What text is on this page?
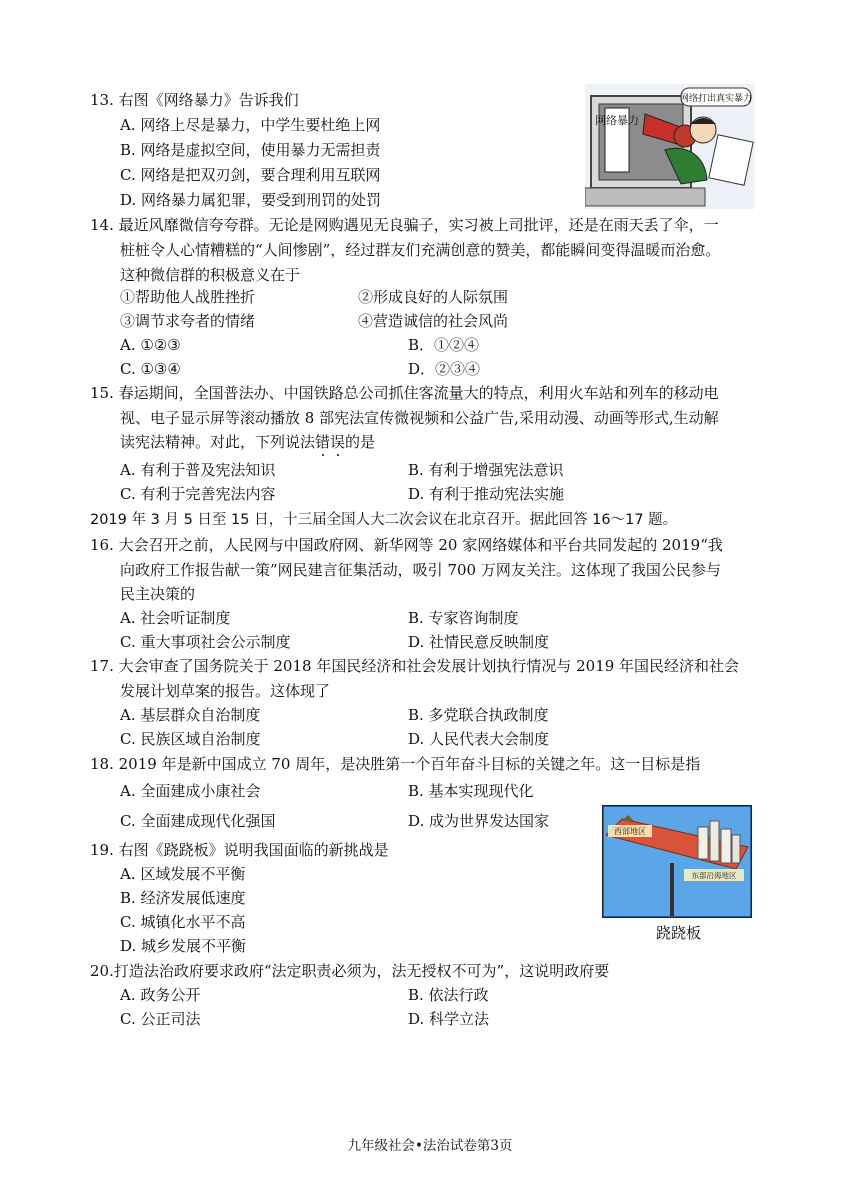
13. 右图《网络暴力》告诉我们
A. 网络上尽是暴力，中学生要杜绝上网
B. 网络是虚拟空间，使用暴力无需担责
C. 网络是把双刃剑，要合理利用互联网
D. 网络暴力属犯罪，要受到刑罚的处罚
网络暴力
网络打出真实暴力
14. 最近风靡微信夸夸群。无论是网购遇见无良骗子，实习被上司批评，还是在雨天丢了伞，一
桩桩令人心情糟糕的“人间惨剧”，经过群友们充满创意的赞美，都能瞬间变得温暖而治愈。
这种微信群的积极意义在于
①帮助他人战胜挫折	②形成良好的人际氛围
③调节求夸者的情绪	④营造诚信的社会风尚
A. ①②③	B．①②④
C. ①③④	D．②③④
15. 春运期间，全国普法办、中国铁路总公司抓住客流量大的特点，利用火车站和列车的移动电
视、电子显示屏等滚动播放 8 部宪法宣传微视频和公益广告,采用动漫、动画等形式,生动解
读宪法精神。对此，下列说法错误的是
A. 有利于普及宪法知识	B. 有利于增强宪法意识
C. 有利于完善宪法内容	D. 有利于推动宪法实施
2019 年 3 月 5 日至 15 日，十三届全国人大二次会议在北京召开。据此回答 16～17 题。
16. 大会召开之前，人民网与中国政府网、新华网等 20 家网络媒体和平台共同发起的 2019“我
向政府工作报告献一策”网民建言征集活动，吸引 700 万网友关注。这体现了我国公民参与
民主决策的
A. 社会听证制度	B. 专家咨询制度
C. 重大事项社会公示制度	D. 社情民意反映制度
17. 大会审查了国务院关于 2018 年国民经济和社会发展计划执行情况与 2019 年国民经济和社会
发展计划草案的报告。这体现了
A. 基层群众自治制度	B. 多党联合执政制度
C. 民族区域自治制度	D. 人民代表大会制度
18. 2019 年是新中国成立 70 周年，是决胜第一个百年奋斗目标的关键之年。这一目标是指
A. 全面建成小康社会	B. 基本实现现代化
C. 全面建成现代化强国	D. 成为世界发达国家
西部地区
东部沿海地区
跷跷板
19. 右图《跷跷板》说明我国面临的新挑战是
A. 区域发展不平衡
B. 经济发展低速度
C. 城镇化水平不高
D. 城乡发展不平衡
20.打造法治政府要求政府“法定职责必须为，法无授权不可为”，这说明政府要
A. 政务公开	B. 依法行政
C. 公正司法	D. 科学立法
九年级社会•法治试卷第3页
